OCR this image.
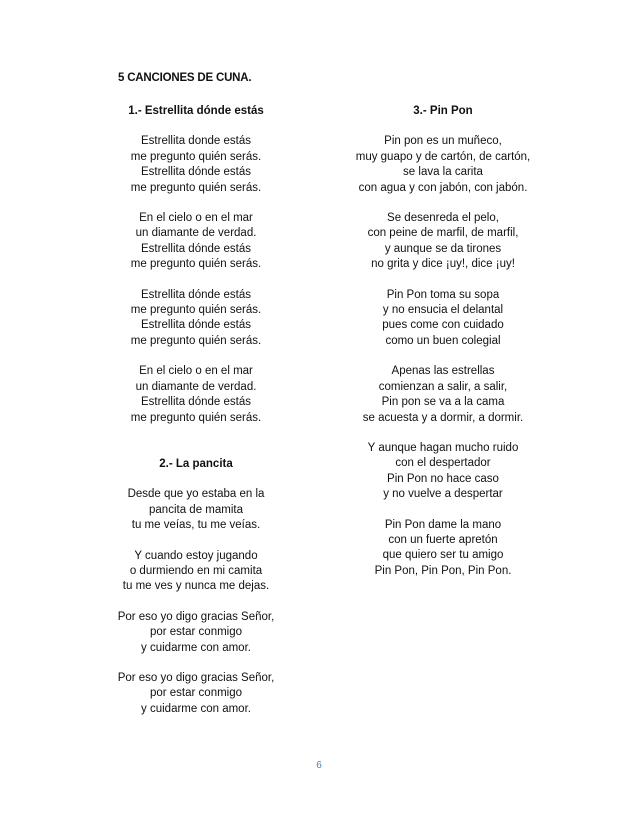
5 CANCIONES DE CUNA.
1.- Estrellita dónde estás
Estrellita donde estás
me pregunto quién serás.
Estrellita dónde estás
me pregunto quién serás.
En el cielo o en el mar
un diamante de verdad.
Estrellita dónde estás
me pregunto quién serás.
Estrellita dónde estás
me pregunto quién serás.
Estrellita dónde estás
me pregunto quién serás.
En el cielo o en el mar
un diamante de verdad.
Estrellita dónde estás
me pregunto quién serás.
2.- La pancita
Desde que yo estaba en la
pancita de mamita
tu me veías, tu me veías.
Y cuando estoy jugando
o durmiendo en mi camita
tu me ves y nunca me dejas.
Por eso yo digo gracias Señor,
por estar conmigo
y cuidarme con amor.
Por eso yo digo gracias Señor,
por estar conmigo
y cuidarme con amor.
3.- Pin Pon
Pin pon es un muñeco,
muy guapo y de cartón, de cartón,
se lava la carita
con agua y con jabón, con jabón.
Se desenreda el pelo,
con peine de marfil, de marfil,
y aunque se da tirones
no grita y dice ¡uy!, dice ¡uy!
Pin Pon toma su sopa
y no ensucia el delantal
pues come con cuidado
como un buen colegial
Apenas las estrellas
comienzan a salir, a salir,
Pin pon se va a la cama
se acuesta y a dormir, a dormir.
Y aunque hagan mucho ruido
con el despertador
Pin Pon no hace caso
y no vuelve a despertar
Pin Pon dame la mano
con un fuerte apretón
que quiero ser tu amigo
Pin Pon, Pin Pon, Pin Pon.
6
